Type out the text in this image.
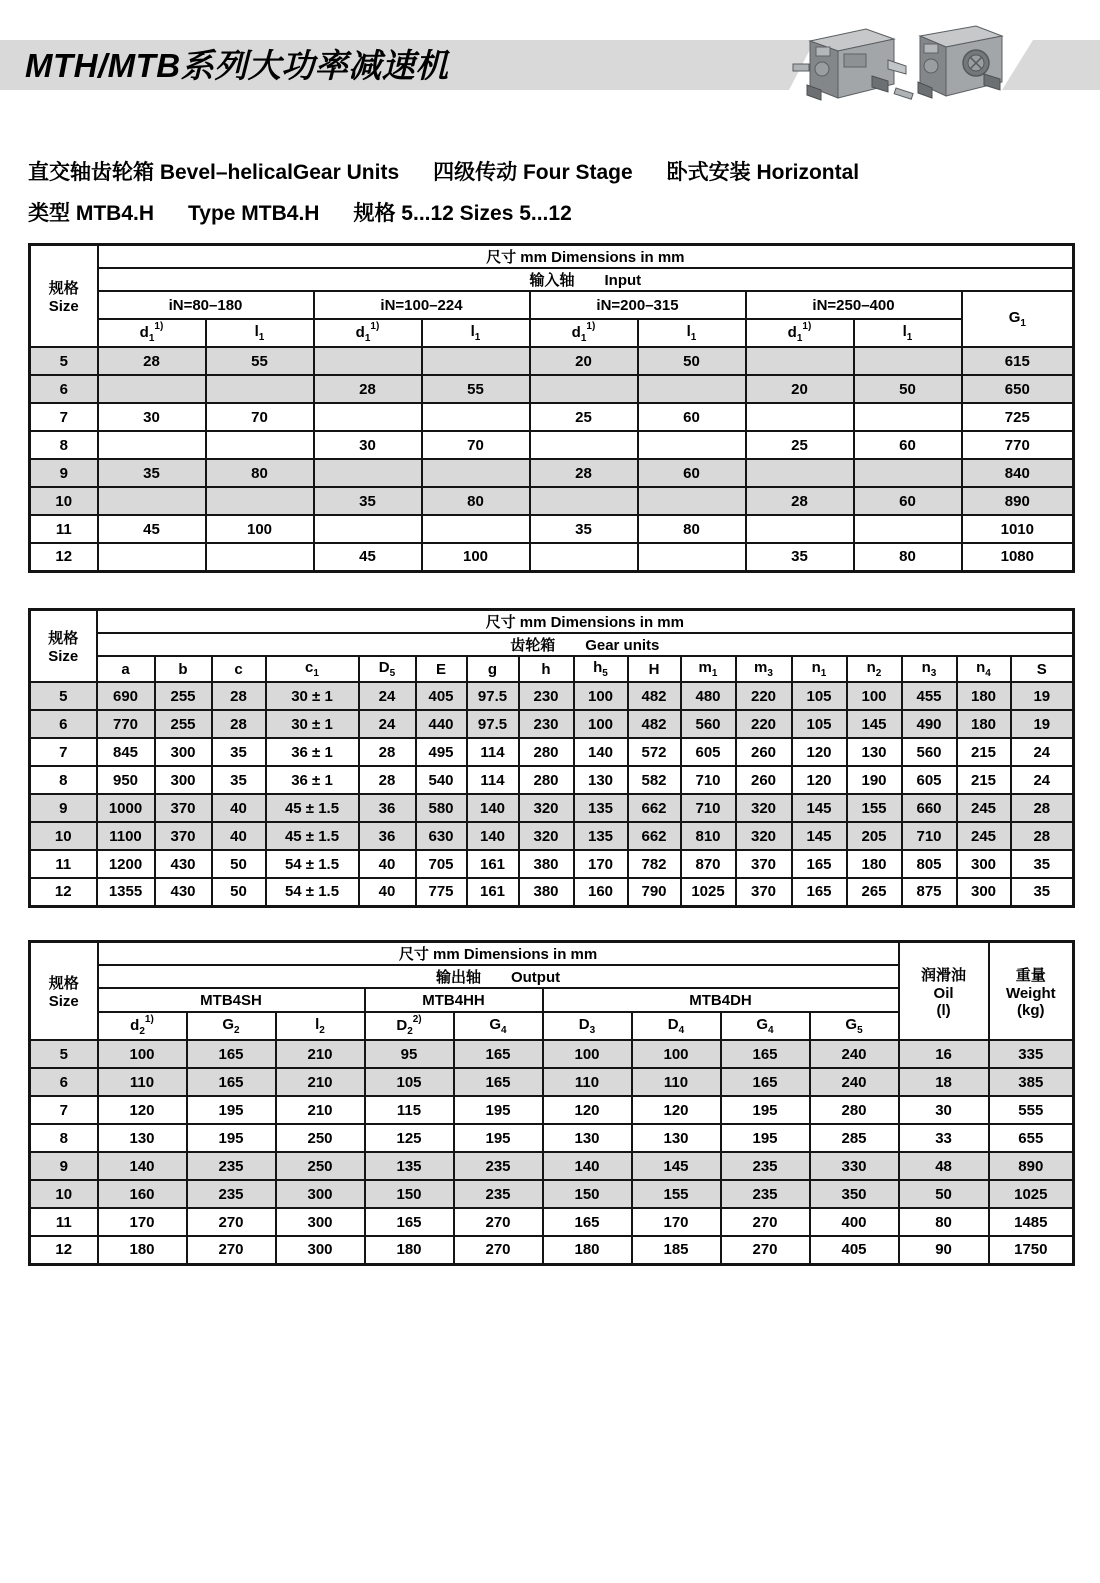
MTH/MTB系列大功率减速机
直交轴齿轮箱 Bevel–helicalGear Units 四级传动 Four Stage 卧式安装 Horizontal
类型 MTB4.H Type MTB4.H 规格 5...12 Sizes 5...12
规格
Size	尺寸 mm Dimensions in mm								
	输入轴 Input								
	iN=80–180		iN=100–224		iN=200–315		iN=250–400		$G_1$
	$d_1^{1)}$	$l_1$	$d_1^{1)}$	$l_1$	$d_1^{1)}$	$l_1$	$d_1^{1)}$	$l_1$
5	28	55			20	50			615
6			28	55			20	50	650
7	30	70			25	60			725
8			30	70			25	60	770
9	35	80			28	60			840
10			35	80			28	60	890
11	45	100			35	80			1010
12			45	100			35	80	1080
规格
Size	尺寸 mm Dimensions in mm																
	齿轮箱 Gear units																
	a	b	c	$c_1$	$D_5$	E	g	h	$h_5$	H	$m_1$	$m_3$	$n_1$	$n_2$	$n_3$	$n_4$	S
5	690	255	28	30 ± 1	24	405	97.5	230	100	482	480	220	105	100	455	180	19
6	770	255	28	30 ± 1	24	440	97.5	230	100	482	560	220	105	145	490	180	19
7	845	300	35	36 ± 1	28	495	114	280	140	572	605	260	120	130	560	215	24
8	950	300	35	36 ± 1	28	540	114	280	130	582	710	260	120	190	605	215	24
9	1000	370	40	45 ± 1.5	36	580	140	320	135	662	710	320	145	155	660	245	28
10	1100	370	40	45 ± 1.5	36	630	140	320	135	662	810	320	145	205	710	245	28
11	1200	430	50	54 ± 1.5	40	705	161	380	170	782	870	370	165	180	805	300	35
12	1355	430	50	54 ± 1.5	40	775	161	380	160	790	1025	370	165	265	875	300	35
规格
Size	尺寸 mm Dimensions in mm									润滑油
Oil
(l)	重量
Weight
(kg)
	输出轴 Output										
	MTB4SH			MTB4HH		MTB4DH					
	$d_2^{1)}$	$G_2$	$l_2$	$D_2^{2)}$	$G_4$	$D_3$	$D_4$	$G_4$	$G_5$
5	100	165	210	95	165	100	100	165	240	16	335
6	110	165	210	105	165	110	110	165	240	18	385
7	120	195	210	115	195	120	120	195	280	30	555
8	130	195	250	125	195	130	130	195	285	33	655
9	140	235	250	135	235	140	145	235	330	48	890
10	160	235	300	150	235	150	155	235	350	50	1025
11	170	270	300	165	270	165	170	270	400	80	1485
12	180	270	300	180	270	180	185	270	405	90	1750
